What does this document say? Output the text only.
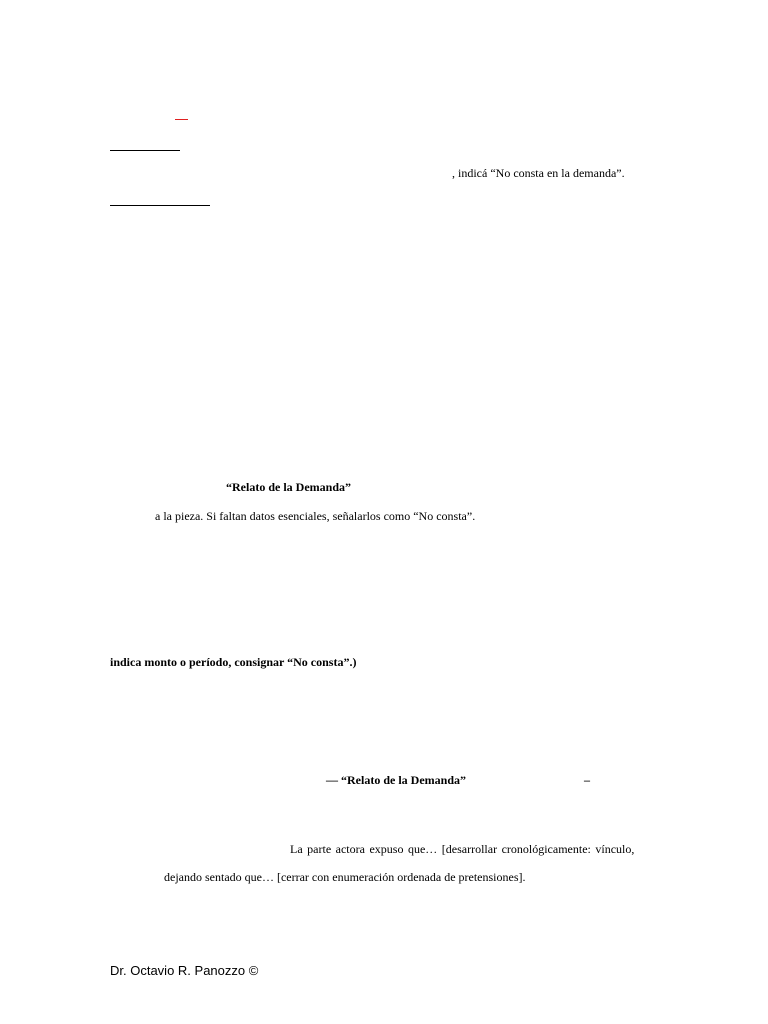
, indicá “No consta en la demanda”.
“Relato de la Demanda”
a la pieza. Si faltan datos esenciales, señalarlos como “No consta”.
indica monto o período, consignar “No consta”.)
— “Relato de la Demanda”	–
La parte actora expuso que… [desarrollar cronológicamente: vínculo,
dejando sentado que… [cerrar con enumeración ordenada de pretensiones].
Dr. Octavio R. Panozzo ©
